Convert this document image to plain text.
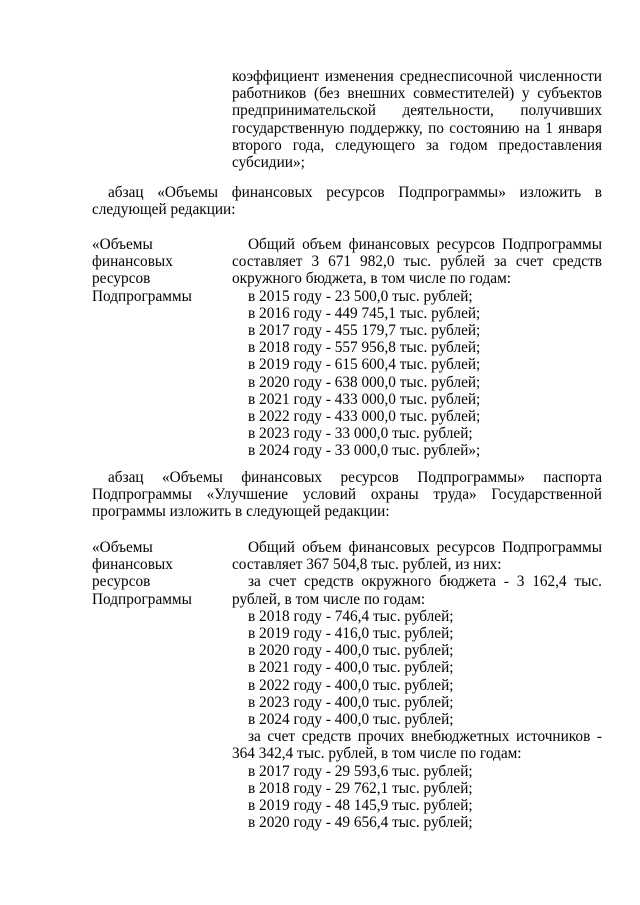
коэффициент изменения среднесписочной численности работников (без внешних совместителей) у субъектов предпринимательской деятельности, получивших государственную поддержку, по состоянию на 1 января второго года, следующего за годом предоставления субсидии»;
абзац «Объемы финансовых ресурсов Подпрограммы» изложить в следующей редакции:
«Объемы
финансовых
ресурсов
Подпрограммы
Общий объем финансовых ресурсов Подпрограммы составляет 3 671 982,0 тыс. рублей за счет средств окружного бюджета, в том числе по годам:
в 2015 году - 23 500,0 тыс. рублей;
в 2016 году - 449 745,1 тыс. рублей;
в 2017 году - 455 179,7 тыс. рублей;
в 2018 году - 557 956,8 тыс. рублей;
в 2019 году - 615 600,4 тыс. рублей;
в 2020 году - 638 000,0 тыс. рублей;
в 2021 году - 433 000,0 тыс. рублей;
в 2022 году - 433 000,0 тыс. рублей;
в 2023 году - 33 000,0 тыс. рублей;
в 2024 году - 33 000,0 тыс. рублей»;
абзац «Объемы финансовых ресурсов Подпрограммы» паспорта Подпрограммы «Улучшение условий охраны труда» Государственной программы изложить в следующей редакции:
«Объемы
финансовых
ресурсов
Подпрограммы
Общий объем финансовых ресурсов Подпрограммы составляет 367 504,8 тыс. рублей, из них:
за счет средств окружного бюджета - 3 162,4 тыс. рублей, в том числе по годам:
в 2018 году - 746,4 тыс. рублей;
в 2019 году - 416,0 тыс. рублей;
в 2020 году - 400,0 тыс. рублей;
в 2021 году - 400,0 тыс. рублей;
в 2022 году - 400,0 тыс. рублей;
в 2023 году - 400,0 тыс. рублей;
в 2024 году - 400,0 тыс. рублей;
за счет средств прочих внебюджетных источников - 364 342,4 тыс. рублей, в том числе по годам:
в 2017 году - 29 593,6 тыс. рублей;
в 2018 году - 29 762,1 тыс. рублей;
в 2019 году - 48 145,9 тыс. рублей;
в 2020 году - 49 656,4 тыс. рублей;
